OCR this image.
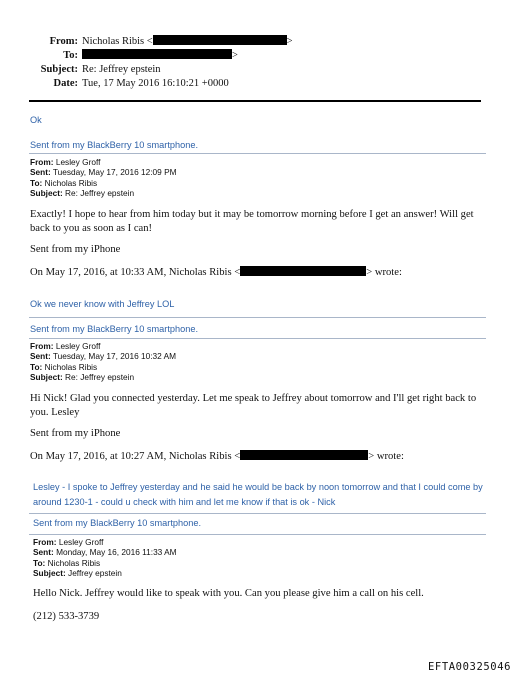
From: Nicholas Ribis <	>
To:	>
Subject: Re: Jeffrey epstein
Date: Tue, 17 May 2016 16:10:21 +0000
Ok
Sent from my BlackBerry 10 smartphone.
From: Lesley Groff
Sent: Tuesday, May 17, 2016 12:09 PM
To: Nicholas Ribis
Subject: Re: Jeffrey epstein
Exactly! I hope to hear from him today but it may be tomorrow morning before I get an answer! Will get back to you as soon as I can!
Sent from my iPhone
On May 17, 2016, at 10:33 AM, Nicholas Ribis <	> wrote:
Ok we never know with Jeffrey LOL
Sent from my BlackBerry 10 smartphone.
From: Lesley Groff
Sent: Tuesday, May 17, 2016 10:32 AM
To: Nicholas Ribis
Subject: Re: Jeffrey epstein
Hi Nick! Glad you connected yesterday. Let me speak to Jeffrey about tomorrow and I'll get right back to you. Lesley
Sent from my iPhone
On May 17, 2016, at 10:27 AM, Nicholas Ribis <	> wrote:
Lesley - I spoke to Jeffrey yesterday and he said he would be back by noon tomorrow and that I could come by around 1230-1 - could u check with him and let me know if that is ok - Nick
Sent from my BlackBerry 10 smartphone.
From: Lesley Groff
Sent: Monday, May 16, 2016 11:33 AM
To: Nicholas Ribis
Subject: Jeffrey epstein
Hello Nick. Jeffrey would like to speak with you. Can you please give him a call on his cell.
(212) 533-3739
EFTA00325046
